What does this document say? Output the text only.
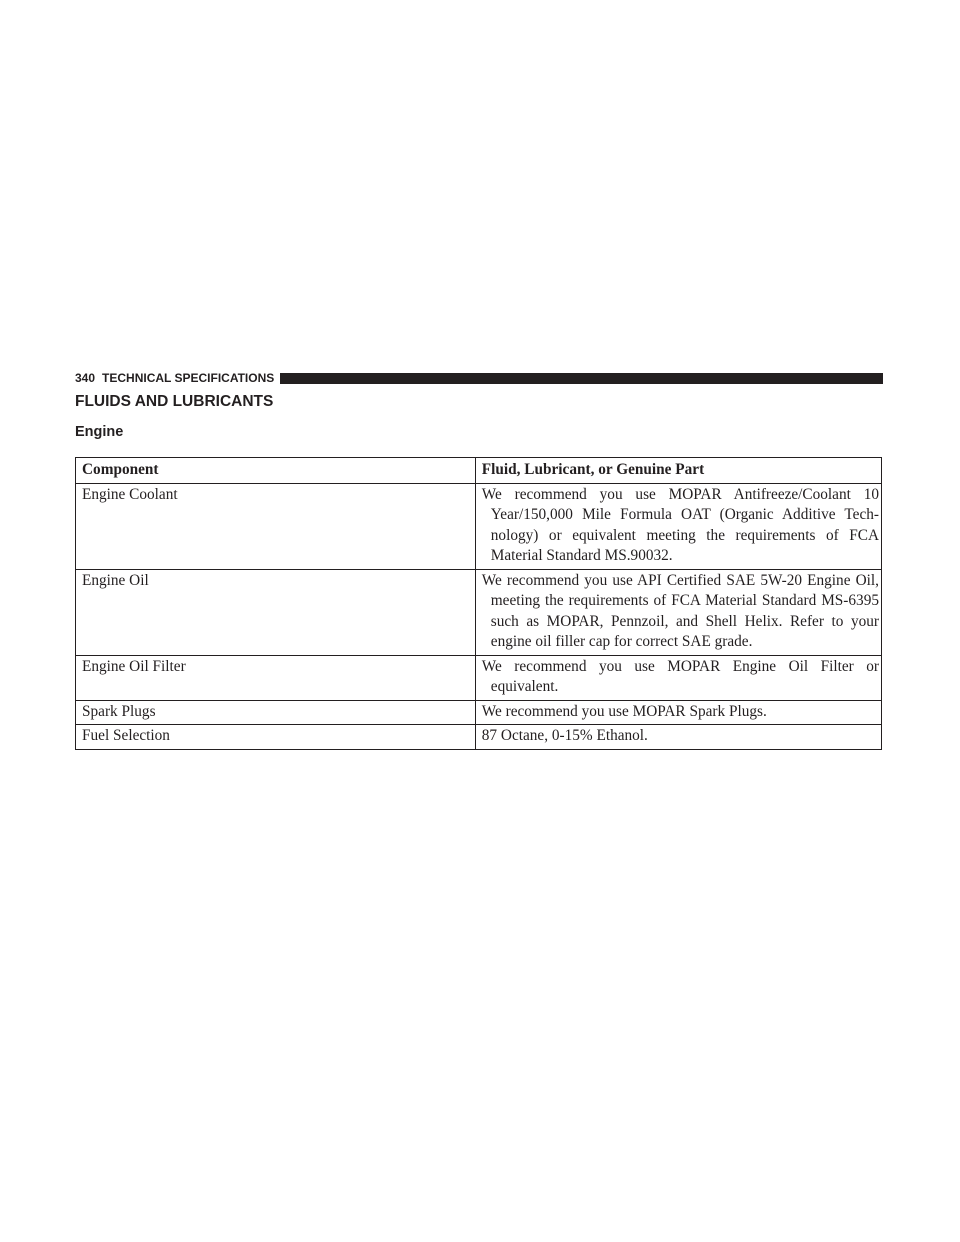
340 TECHNICAL SPECIFICATIONS
FLUIDS AND LUBRICANTS
Engine
Component	Fluid, Lubricant, or Genuine Part
Engine Coolant	We recommend you use MOPAR Antifreeze/Coolant 10 Year/150,000 Mile Formula OAT (Organic Additive Tech-nology) or equivalent meeting the requirements of FCA Material Standard MS.90032.

Engine Oil	We recommend you use API Certified SAE 5W-20 Engine Oil, meeting the requirements of FCA Material Standard MS-6395 such as MOPAR, Pennzoil, and Shell Helix. Refer to your engine oil filler cap for correct SAE grade.

Engine Oil Filter	We recommend you use MOPAR Engine Oil Filter or equivalent.

Spark Plugs	We recommend you use MOPAR Spark Plugs.

Fuel Selection	87 Octane, 0-15% Ethanol.
